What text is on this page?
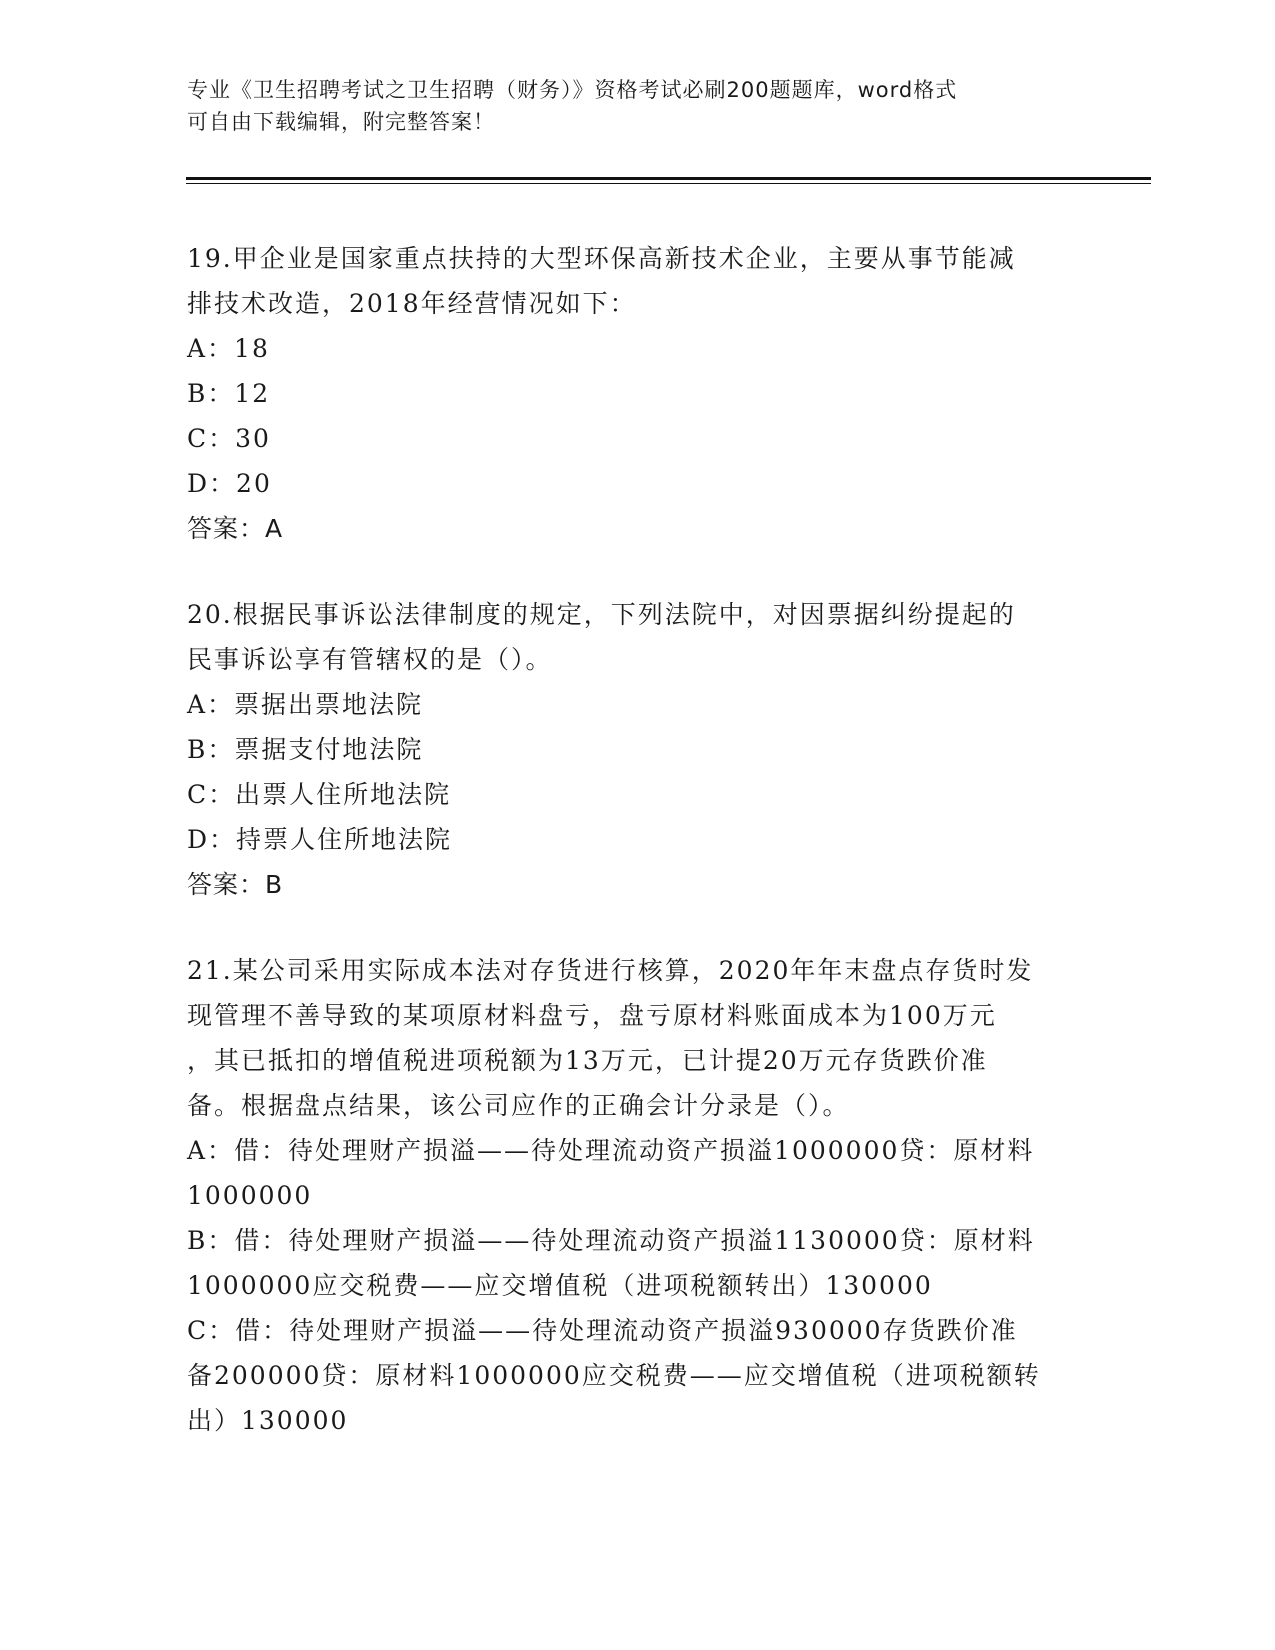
专业《卫生招聘考试之卫生招聘（财务）》资格考试必刷200题题库，word格式
可自由下载编辑，附完整答案！

19.甲企业是国家重点扶持的大型环保高新技术企业，主要从事节能减

排技术改造，2018年经营情况如下：

A：18

B：12

C：30

D：20

答案：A

20.根据民事诉讼法律制度的规定，下列法院中，对因票据纠纷提起的

民事诉讼享有管辖权的是（）。

A：票据出票地法院

B：票据支付地法院

C：出票人住所地法院

D：持票人住所地法院

答案：B

21.某公司采用实际成本法对存货进行核算，2020年年末盘点存货时发

现管理不善导致的某项原材料盘亏，盘亏原材料账面成本为100万元

，其已抵扣的增值税进项税额为13万元，已计提20万元存货跌价准

备。根据盘点结果，该公司应作的正确会计分录是（）。

A：借：待处理财产损溢——待处理流动资产损溢1000000贷：原材料

1000000

B：借：待处理财产损溢——待处理流动资产损溢1130000贷：原材料

1000000应交税费——应交增值税（进项税额转出）130000

C：借：待处理财产损溢——待处理流动资产损溢930000存货跌价准

备200000贷：原材料1000000应交税费——应交增值税（进项税额转

出）130000
